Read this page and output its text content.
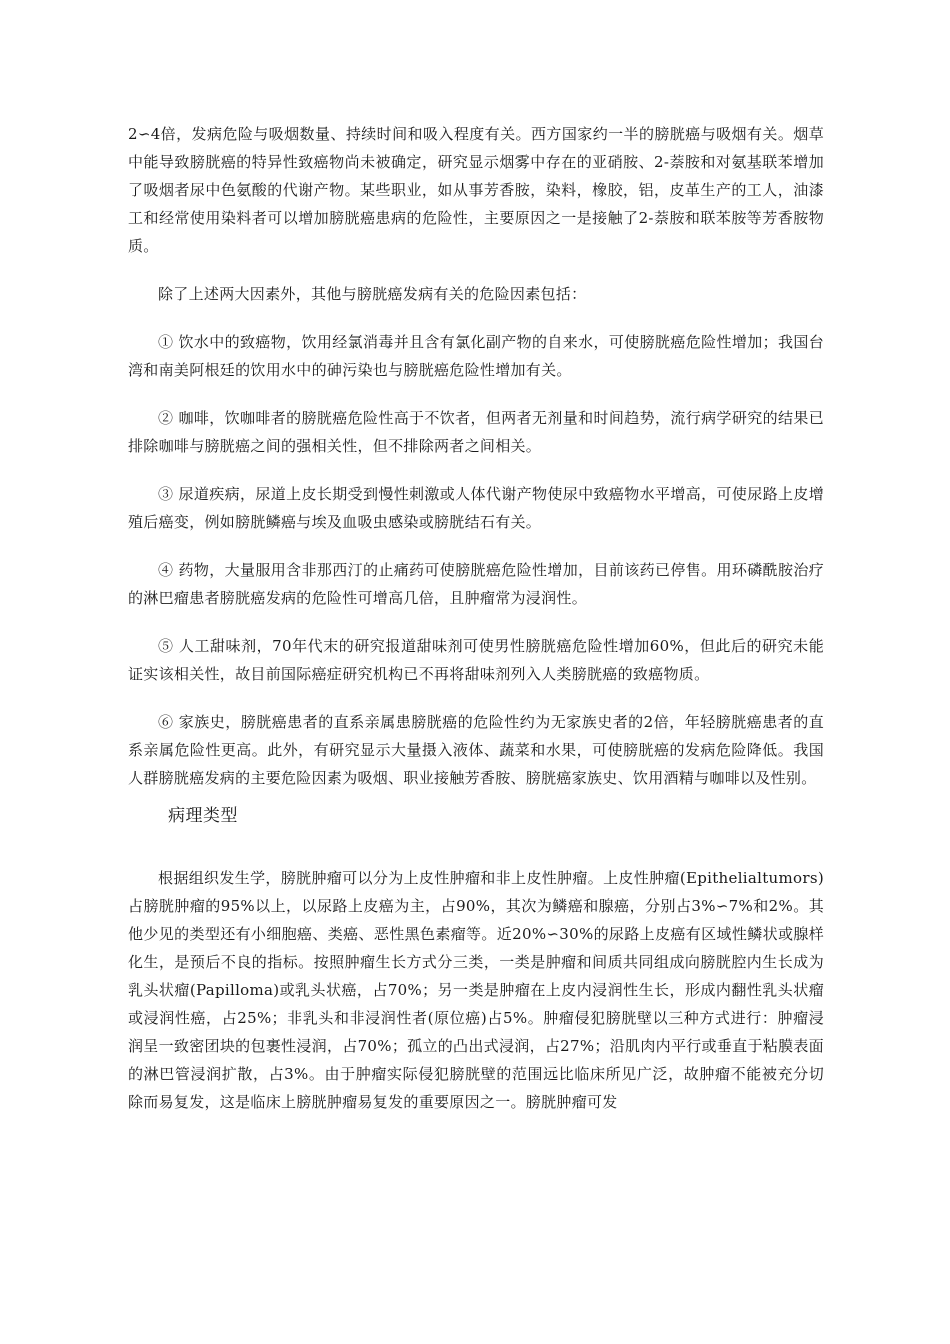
2∽4倍，发病危险与吸烟数量、持续时间和吸入程度有关。西方国家约一半的膀胱癌与吸烟有关。烟草中能导致膀胱癌的特异性致癌物尚未被确定，研究显示烟雾中存在的亚硝胺、2-萘胺和对氨基联苯增加了吸烟者尿中色氨酸的代谢产物。某些职业，如从事芳香胺，染料，橡胶，铝，皮革生产的工人，油漆工和经常使用染料者可以增加膀胱癌患病的危险性，主要原因之一是接触了2-萘胺和联苯胺等芳香胺物质。

除了上述两大因素外，其他与膀胱癌发病有关的危险因素包括：

① 饮水中的致癌物，饮用经氯消毒并且含有氯化副产物的自来水，可使膀胱癌危险性增加；我国台湾和南美阿根廷的饮用水中的砷污染也与膀胱癌危险性增加有关。

② 咖啡，饮咖啡者的膀胱癌危险性高于不饮者，但两者无剂量和时间趋势，流行病学研究的结果已排除咖啡与膀胱癌之间的强相关性，但不排除两者之间相关。

③ 尿道疾病，尿道上皮长期受到慢性刺激或人体代谢产物使尿中致癌物水平增高，可使尿路上皮增殖后癌变，例如膀胱鳞癌与埃及血吸虫感染或膀胱结石有关。

④ 药物，大量服用含非那西汀的止痛药可使膀胱癌危险性增加，目前该药已停售。用环磷酰胺治疗的淋巴瘤患者膀胱癌发病的危险性可增高几倍，且肿瘤常为浸润性。

⑤ 人工甜味剂，70年代末的研究报道甜味剂可使男性膀胱癌危险性增加60%，但此后的研究未能证实该相关性，故目前国际癌症研究机构已不再将甜味剂列入人类膀胱癌的致癌物质。

⑥ 家族史，膀胱癌患者的直系亲属患膀胱癌的危险性约为无家族史者的2倍，年轻膀胱癌患者的直系亲属危险性更高。此外，有研究显示大量摄入液体、蔬菜和水果，可使膀胱癌的发病危险降低。我国人群膀胱癌发病的主要危险因素为吸烟、职业接触芳香胺、膀胱癌家族史、饮用酒精与咖啡以及性别。

病理类型

根据组织发生学，膀胱肿瘤可以分为上皮性肿瘤和非上皮性肿瘤。上皮性肿瘤(Epithelialtumors)占膀胱肿瘤的95%以上，以尿路上皮癌为主，占90%，其次为鳞癌和腺癌，分别占3%∽7%和2%。其他少见的类型还有小细胞癌、类癌、恶性黑色素瘤等。近20%∽30%的尿路上皮癌有区域性鳞状或腺样化生，是预后不良的指标。按照肿瘤生长方式分三类，一类是肿瘤和间质共同组成向膀胱腔内生长成为乳头状瘤(Papilloma)或乳头状癌，占70%；另一类是肿瘤在上皮内浸润性生长，形成内翻性乳头状瘤或浸润性癌，占25%；非乳头和非浸润性者(原位癌)占5%。肿瘤侵犯膀胱壁以三种方式进行：肿瘤浸润呈一致密团块的包裹性浸润，占70%；孤立的凸出式浸润，占27%；沿肌肉内平行或垂直于粘膜表面的淋巴管浸润扩散，占3%。由于肿瘤实际侵犯膀胱壁的范围远比临床所见广泛，故肿瘤不能被充分切除而易复发，这是临床上膀胱肿瘤易复发的重要原因之一。膀胱肿瘤可发
